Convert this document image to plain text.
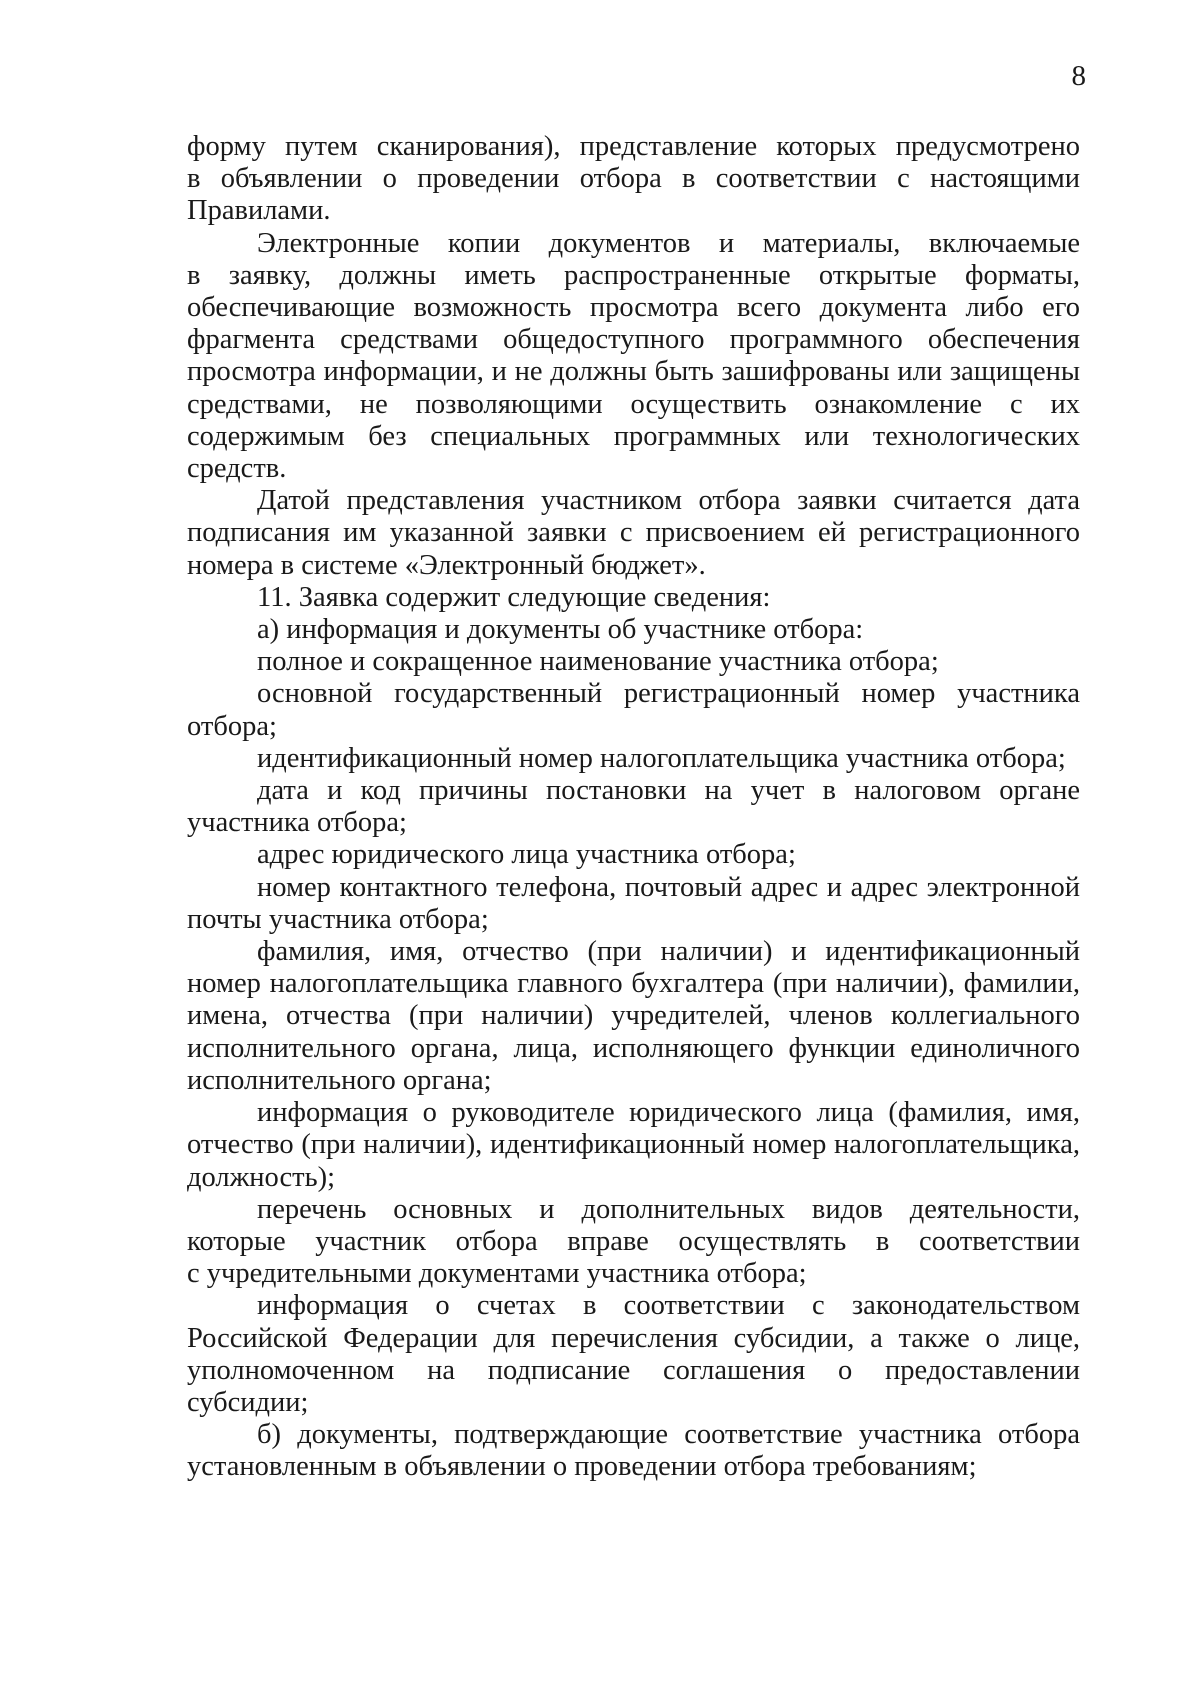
8
форму путем сканирования), представление которых предусмотрено
в объявлении о проведении отбора в соответствии с настоящими
Правилами.
Электронные копии документов и материалы, включаемые
в заявку, должны иметь распространенные открытые форматы,
обеспечивающие возможность просмотра всего документа либо его
фрагмента средствами общедоступного программного обеспечения
просмотра информации, и не должны быть зашифрованы или защищены
средствами, не позволяющими осуществить ознакомление с их
содержимым без специальных программных или технологических
средств.
Датой представления участником отбора заявки считается дата
подписания им указанной заявки с присвоением ей регистрационного
номера в системе «Электронный бюджет».
11. Заявка содержит следующие сведения:
а) информация и документы об участнике отбора:
полное и сокращенное наименование участника отбора;
основной государственный регистрационный номер участника
отбора;
идентификационный номер налогоплательщика участника отбора;
дата и код причины постановки на учет в налоговом органе
участника отбора;
адрес юридического лица участника отбора;
номер контактного телефона, почтовый адрес и адрес электронной
почты участника отбора;
фамилия, имя, отчество (при наличии) и идентификационный
номер налогоплательщика главного бухгалтера (при наличии), фамилии,
имена, отчества (при наличии) учредителей, членов коллегиального
исполнительного органа, лица, исполняющего функции единоличного
исполнительного органа;
информация о руководителе юридического лица (фамилия, имя,
отчество (при наличии), идентификационный номер налогоплательщика,
должность);
перечень основных и дополнительных видов деятельности,
которые участник отбора вправе осуществлять в соответствии
с учредительными документами участника отбора;
информация о счетах в соответствии с законодательством
Российской Федерации для перечисления субсидии, а также о лице,
уполномоченном на подписание соглашения о предоставлении
субсидии;
б) документы, подтверждающие соответствие участника отбора
установленным в объявлении о проведении отбора требованиям;
